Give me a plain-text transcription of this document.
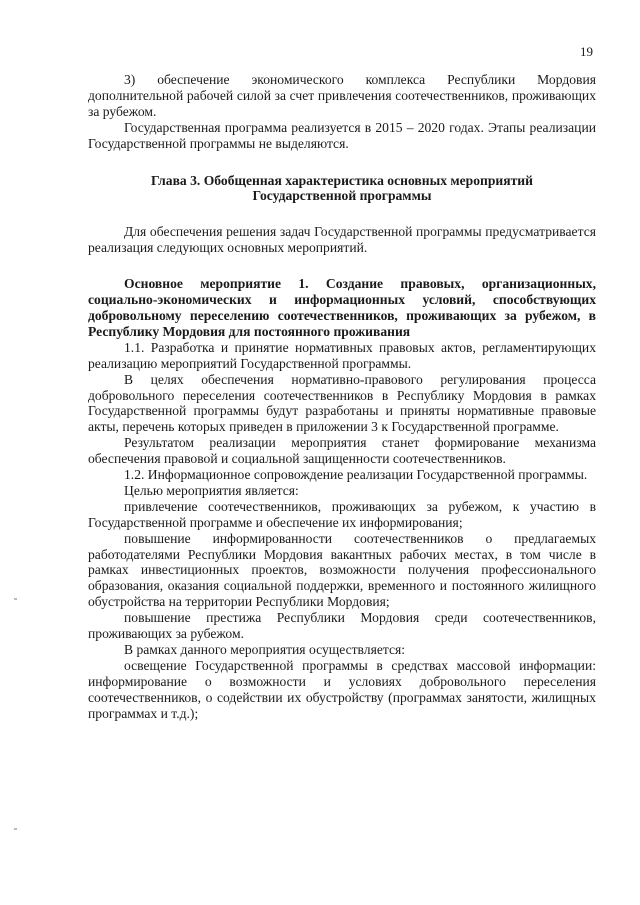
19

3) обеспечение экономического комплекса Республики Мордовия дополнительной рабочей силой за счет привлечения соотечественников, проживающих за рубежом.

Государственная программа реализуется в 2015 – 2020 годах. Этапы реализации Государственной программы не выделяются.

Глава 3. Обобщенная характеристика основных мероприятий

Государственной программы

Для обеспечения решения задач Государственной программы предусматривается реализация следующих основных мероприятий.

Основное мероприятие 1. Создание правовых, организационных, социально-экономических и информационных условий, способствующих добровольному переселению соотечественников, проживающих за рубежом, в Республику Мордовия для постоянного проживания

1.1. Разработка и принятие нормативных правовых актов, регламентирующих реализацию мероприятий Государственной программы.

В целях обеспечения нормативно-правового регулирования процесса добровольного переселения соотечественников в Республику Мордовия в рамках Государственной программы будут разработаны и приняты нормативные правовые акты, перечень которых приведен в приложении 3 к Государственной программе.

Результатом реализации мероприятия станет формирование механизма обеспечения правовой и социальной защищенности соотечественников.

1.2. Информационное сопровождение реализации Государственной программы.

Целью мероприятия является:

привлечение соотечественников, проживающих за рубежом, к участию в Государственной программе и обеспечение их информирования;

повышение информированности соотечественников о предлагаемых работодателями Республики Мордовия вакантных рабочих местах, в том числе в рамках инвестиционных проектов, возможности получения профессионального образования, оказания социальной поддержки, временного и постоянного жилищного обустройства на территории Республики Мордовия;

повышение престижа Республики Мордовия среди соотечественников, проживающих за рубежом.

В рамках данного мероприятия осуществляется:

освещение Государственной программы в средствах массовой информации: информирование о возможности и условиях добровольного переселения соотечественников, о содействии их обустройству (программах занятости, жилищных программах и т.д.);
